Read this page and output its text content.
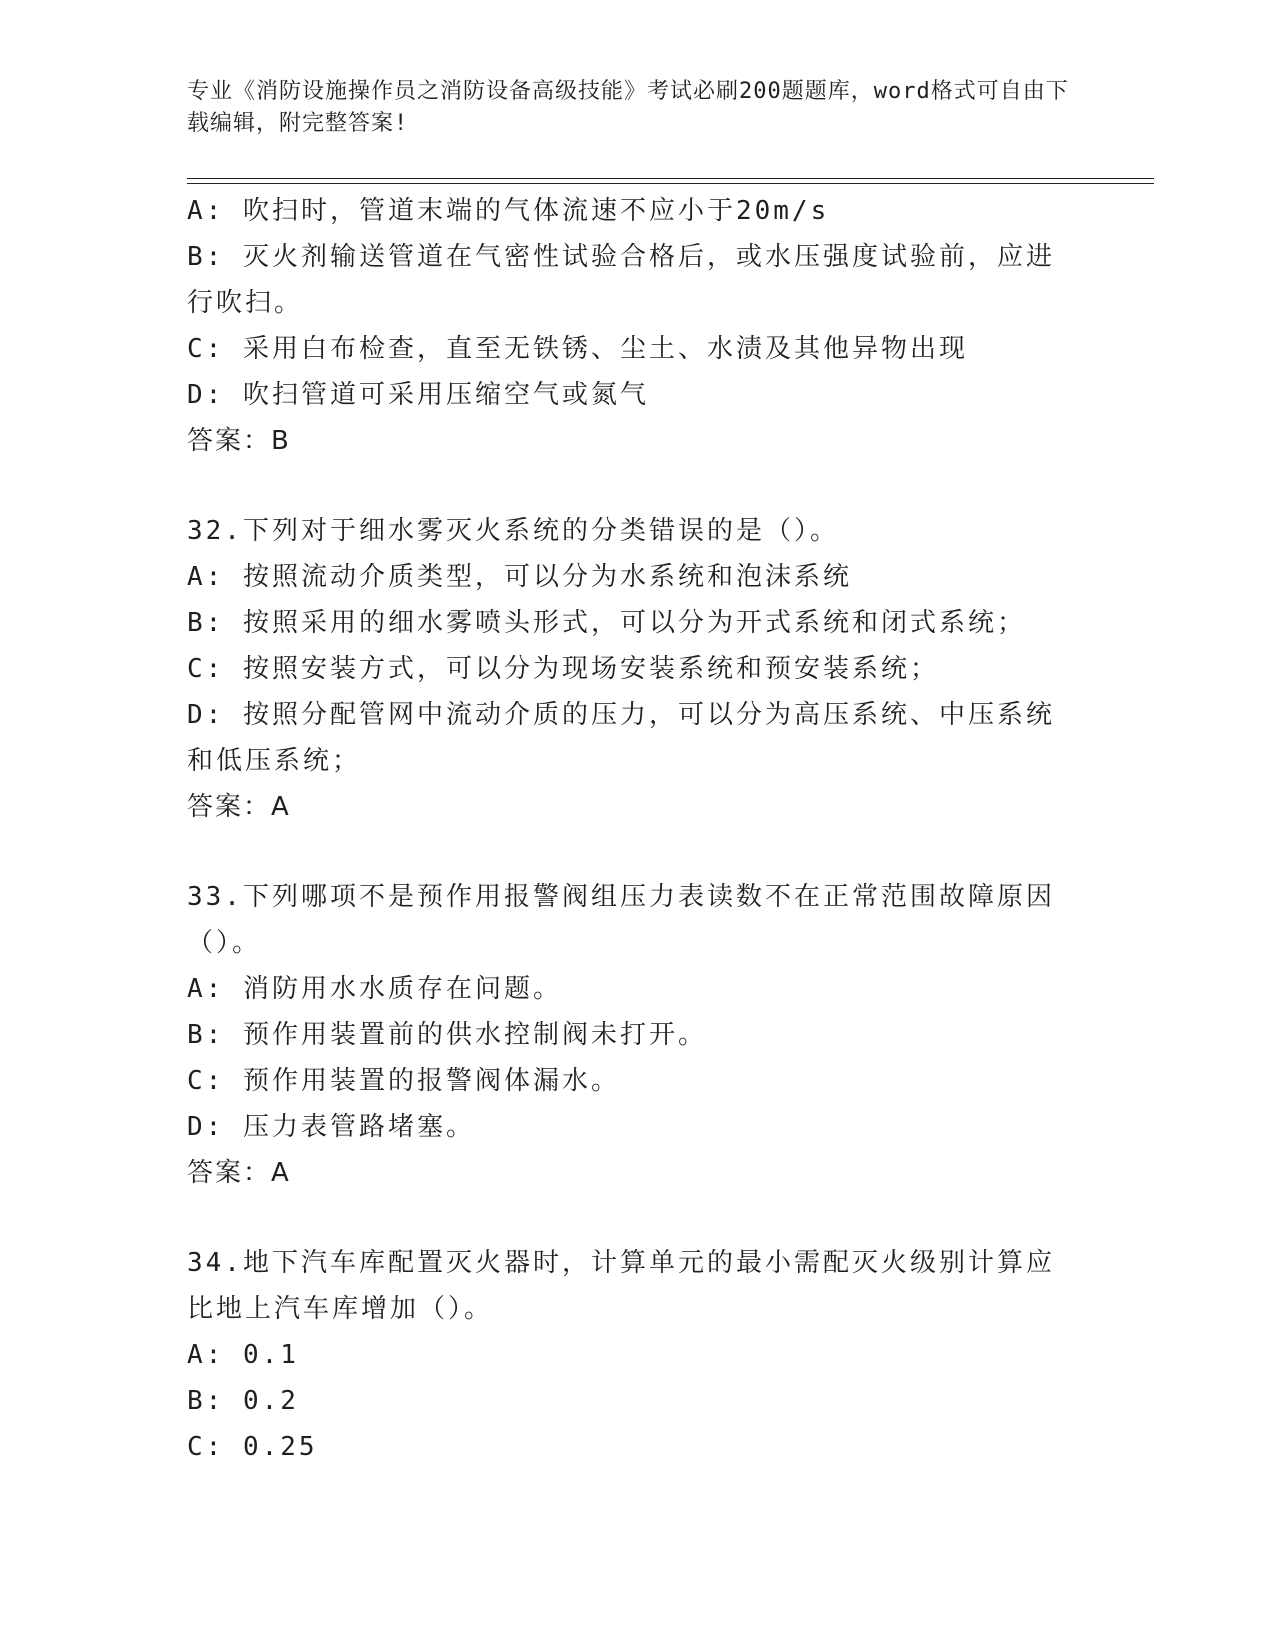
专业《消防设施操作员之消防设备高级技能》考试必刷200题题库，word格式可自由下载编辑，附完整答案!

A: 吹扫时，管道末端的气体流速不应小于20m/s

B: 灭火剂输送管道在气密性试验合格后，或水压强度试验前，应进行吹扫。

C: 采用白布检查，直至无铁锈、尘土、水渍及其他异物出现

D: 吹扫管道可采用压缩空气或氮气

答案：B

32.下列对于细水雾灭火系统的分类错误的是（）。

A: 按照流动介质类型，可以分为水系统和泡沫系统

B: 按照采用的细水雾喷头形式，可以分为开式系统和闭式系统；

C: 按照安装方式，可以分为现场安装系统和预安装系统；

D: 按照分配管网中流动介质的压力，可以分为高压系统、中压系统和低压系统；

答案：A

33.下列哪项不是预作用报警阀组压力表读数不在正常范围故障原因（）。

A: 消防用水水质存在问题。

B: 预作用装置前的供水控制阀未打开。

C: 预作用装置的报警阀体漏水。

D: 压力表管路堵塞。

答案：A

34.地下汽车库配置灭火器时，计算单元的最小需配灭火级别计算应比地上汽车库增加（）。

A: 0.1

B: 0.2

C: 0.25
